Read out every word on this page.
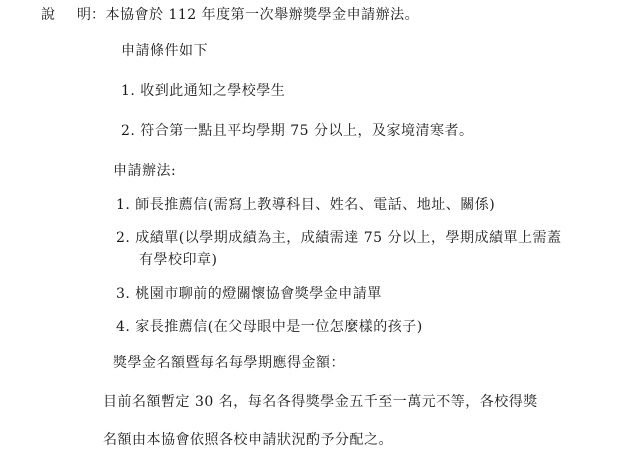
說 明 ：本協會於 112 年度第一次舉辦獎學金申請辦法。
申請條件如下
1. 收到此通知之學校學生
2. 符合第一點且平均學期 75 分以上，及家境清寒者。
申請辦法:
1. 師長推薦信(需寫上教導科目、姓名、電話、地址、關係)
2. 成績單(以學期成績為主，成績需達 75 分以上，學期成績單上需蓋
有學校印章)
3. 桃園市聊前的燈關懷協會獎學金申請單
4. 家長推薦信(在父母眼中是一位怎麼樣的孩子)
獎學金名額暨每名每學期應得金額：
目前名額暫定 30 名，每名各得獎學金五千至一萬元不等，各校得獎
名額由本協會依照各校申請狀況酌予分配之。
